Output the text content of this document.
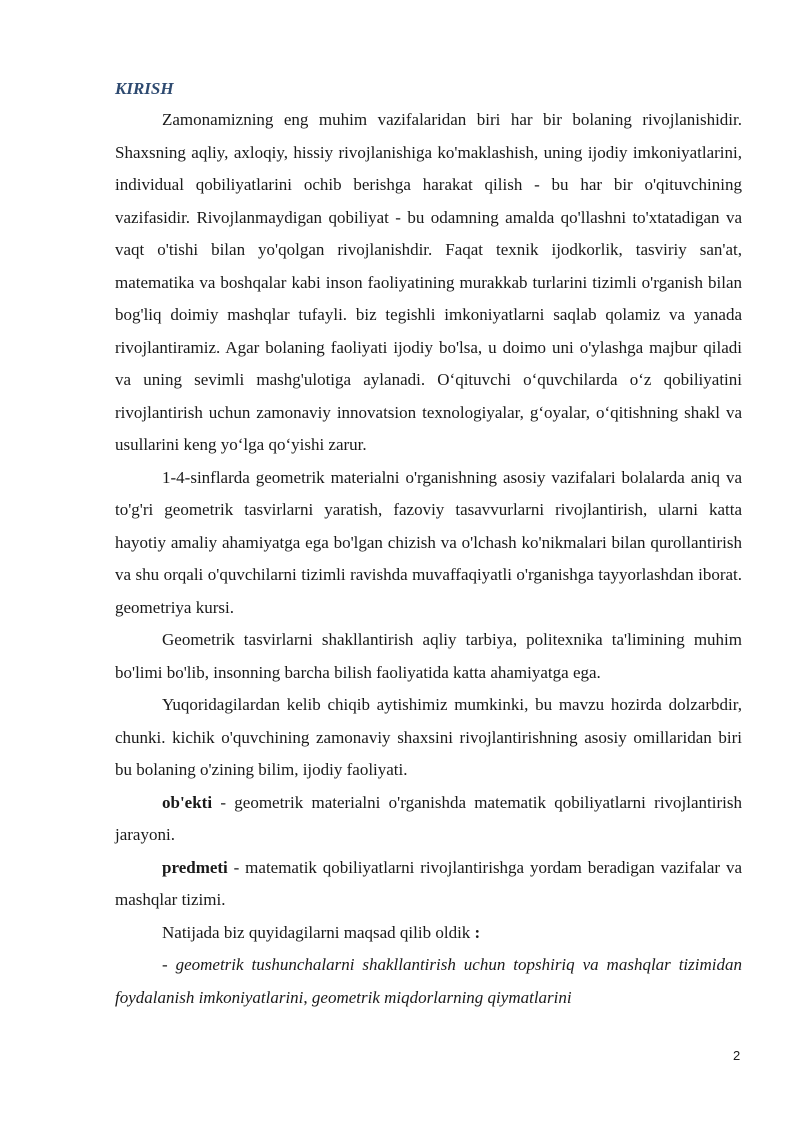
KIRISH

Zamonamizning eng muhim vazifalaridan biri har bir bolaning rivojlanishidir. Shaxsning aqliy, axloqiy, hissiy rivojlanishiga ko'maklashish, uning ijodiy imkoniyatlarini, individual qobiliyatlarini ochib berishga harakat qilish - bu har bir o'qituvchining vazifasidir. Rivojlanmaydigan qobiliyat - bu odamning amalda qo'llashni to'xtatadigan va vaqt o'tishi bilan yo'qolgan rivojlanishdir. Faqat texnik ijodkorlik, tasviriy san'at, matematika va boshqalar kabi inson faoliyatining murakkab turlarini tizimli o'rganish bilan bog'liq doimiy mashqlar tufayli. biz tegishli imkoniyatlarni saqlab qolamiz va yanada rivojlantiramiz. Agar bolaning faoliyati ijodiy bo'lsa, u doimo uni o'ylashga majbur qiladi va uning sevimli mashg'ulotiga aylanadi. O‘qituvchi o‘quvchilarda o‘z qobiliyatini rivojlantirish uchun zamonaviy innovatsion texnologiyalar, g‘oyalar, o‘qitishning shakl va usullarini keng yo‘lga qo‘yishi zarur.

1-4-sinflarda geometrik materialni o'rganishning asosiy vazifalari bolalarda aniq va to'g'ri geometrik tasvirlarni yaratish, fazoviy tasavvurlarni rivojlantirish, ularni katta hayotiy amaliy ahamiyatga ega bo'lgan chizish va o'lchash ko'nikmalari bilan qurollantirish va shu orqali o'quvchilarni tizimli ravishda muvaffaqiyatli o'rganishga tayyorlashdan iborat. geometriya kursi.

Geometrik tasvirlarni shakllantirish aqliy tarbiya, politexnika ta'limining muhim bo'limi bo'lib, insonning barcha bilish faoliyatida katta ahamiyatga ega.

Yuqoridagilardan kelib chiqib aytishimiz mumkinki, bu mavzu hozirda dolzarbdir, chunki. kichik o'quvchining zamonaviy shaxsini rivojlantirishning asosiy omillaridan biri bu bolaning o'zining bilim, ijodiy faoliyati.

ob'ekti - geometrik materialni o'rganishda matematik qobiliyatlarni rivojlantirish jarayoni.

predmeti - matematik qobiliyatlarni rivojlantirishga yordam beradigan vazifalar va mashqlar tizimi.

Natijada biz quyidagilarni maqsad qilib oldik :

- geometrik tushunchalarni shakllantirish uchun topshiriq va mashqlar tizimidan foydalanish imkoniyatlarini, geometrik miqdorlarning qiymatlarini

2
